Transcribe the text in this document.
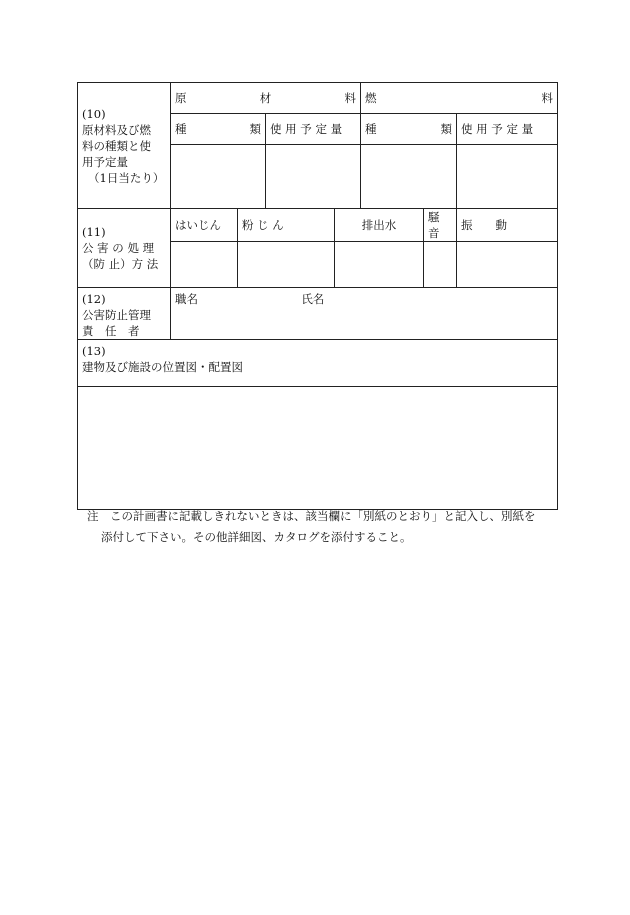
(10)
原材料及び燃
料の種類と使
用予定量
（1日当たり）	原 材 料				燃 料			

	種 類		使 用 予 定 量		種 類		使 用 予 定 量	

(11)
公 害 の 処 理
（防 止）方 法	はいじん	粉 じ ん		排出水		騒　　音	振　　動	

(12)
公害防止管理
責　任　者	職名 氏名							

(13)
建物及び施設の位置図・配置図								

注　この計画書に記載しきれないときは、該当欄に「別紙のとおり」と記入し、別紙を
添付して下さい。その他詳細図、カタログを添付すること。
